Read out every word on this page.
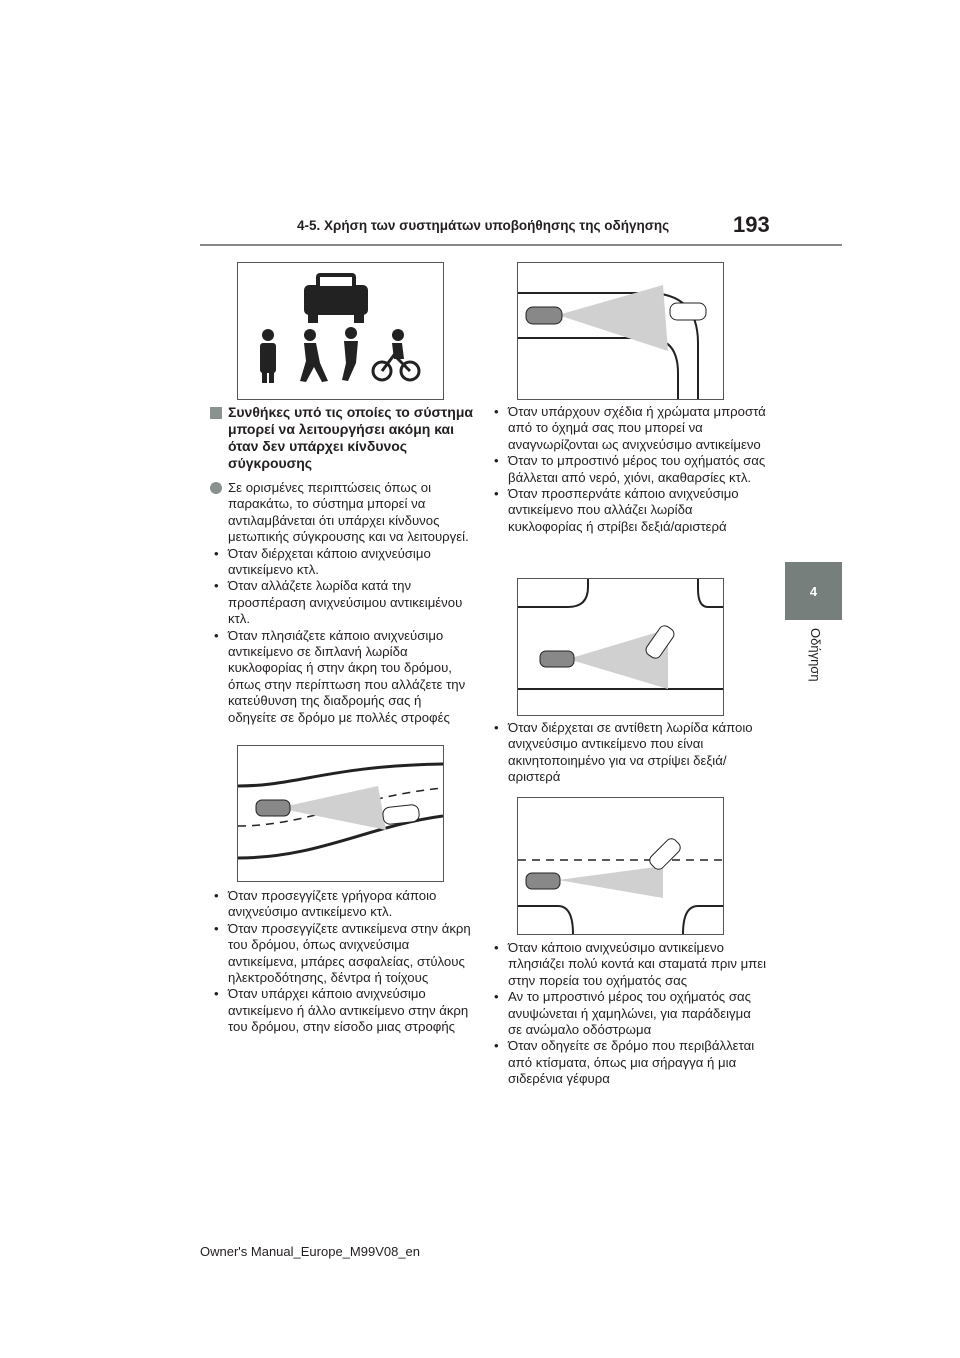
4-5. Χρήση των συστημάτων υποβοήθησης της οδήγησης	193
4
Οδήγηση

Συνθήκες υπό τις οποίες το σύστημα μπορεί να λειτουργήσει ακόμη και όταν δεν υπάρχει κίνδυνος σύγκρουσης

Σε ορισμένες περιπτώσεις όπως οι παρακάτω, το σύστημα μπορεί να αντιλαμβάνεται ότι υπάρχει κίνδυνος μετωπικής σύγκρουσης και να λειτουργεί.

• Όταν διέρχεται κάποιο ανιχνεύσιμο αντικείμενο κτλ.

• Όταν αλλάζετε λωρίδα κατά την προσπέραση ανιχνεύσιμου αντικειμένου κτλ.

• Όταν πλησιάζετε κάποιο ανιχνεύσιμο αντικείμενο σε διπλανή λωρίδα κυκλοφορίας ή στην άκρη του δρόμου, όπως στην περίπτωση που αλλάζετε την κατεύθυνση της διαδρομής σας ή οδηγείτε σε δρόμο με πολλές στροφές

• Όταν προσεγγίζετε γρήγορα κάποιο ανιχνεύσιμο αντικείμενο κτλ.

• Όταν προσεγγίζετε αντικείμενα στην άκρη του δρόμου, όπως ανιχνεύσιμα αντικείμενα, μπάρες ασφαλείας, στύλους ηλεκτροδότησης, δέντρα ή τοίχους

• Όταν υπάρχει κάποιο ανιχνεύσιμο αντικείμενο ή άλλο αντικείμενο στην άκρη του δρόμου, στην είσοδο μιας στροφής

• Όταν υπάρχουν σχέδια ή χρώματα μπροστά από το όχημά σας που μπορεί να αναγνωρίζονται ως ανιχνεύσιμο αντικείμενο

• Όταν το μπροστινό μέρος του οχήματός σας βάλλεται από νερό, χιόνι, ακαθαρσίες κτλ.

• Όταν προσπερνάτε κάποιο ανιχνεύσιμο αντικείμενο που αλλάζει λωρίδα κυκλοφορίας ή στρίβει δεξιά/αριστερά

• Όταν διέρχεται σε αντίθετη λωρίδα κάποιο ανιχνεύσιμο αντικείμενο που είναι ακινητοποιημένο για να στρίψει δεξιά/αριστερά

• Όταν κάποιο ανιχνεύσιμο αντικείμενο πλησιάζει πολύ κοντά και σταματά πριν μπει στην πορεία του οχήματός σας

• Αν το μπροστινό μέρος του οχήματός σας ανυψώνεται ή χαμηλώνει, για παράδειγμα σε ανώμαλο οδόστρωμα

• Όταν οδηγείτε σε δρόμο που περιβάλλεται από κτίσματα, όπως μια σήραγγα ή μια σιδερένια γέφυρα

Owner's Manual_Europe_M99V08_en
